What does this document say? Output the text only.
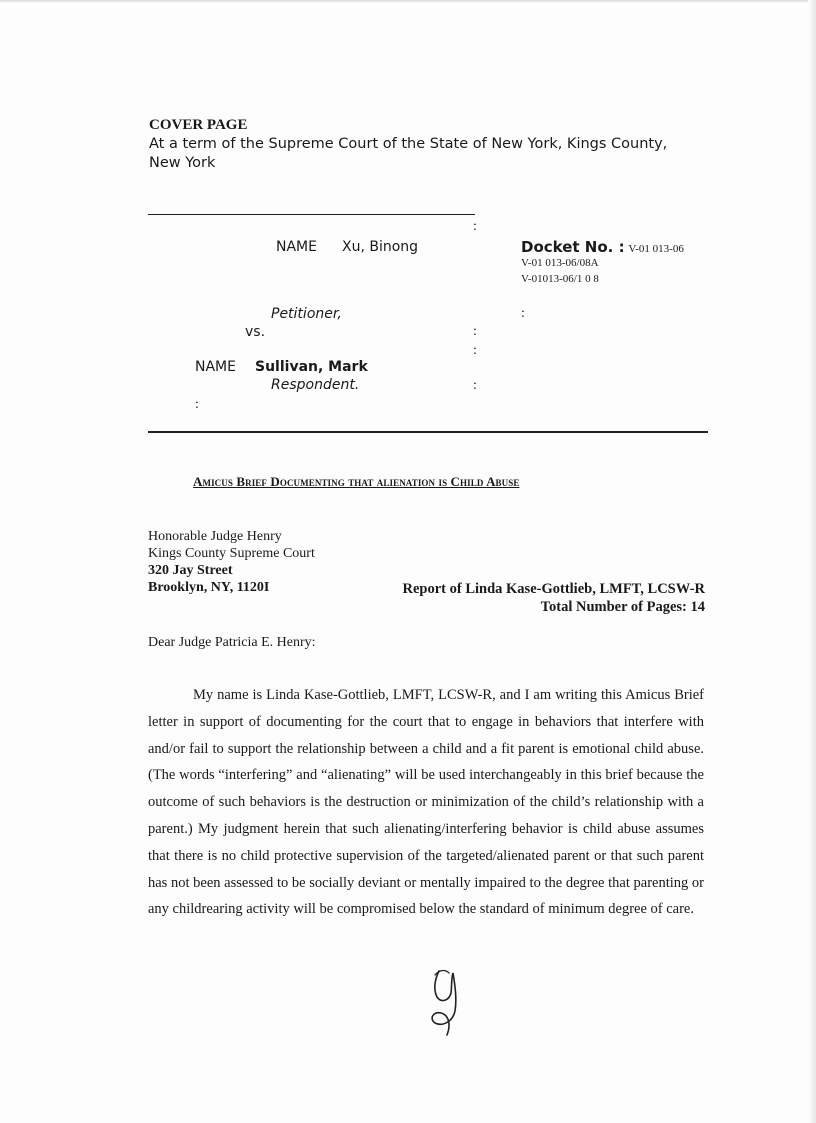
COVER PAGE
At a term of the Supreme Court of the State of New York, Kings County,
New York
:
:
:
:
:
:
NAME Xu, Binong
Petitioner,
vs.
NAME Sullivan, Mark
Respondent.
Docket No. : V-01 013-06
V-01 013-06/08A
V-01013-06/1 0 8
Amicus Brief Documenting that alienation is Child Abuse
Honorable Judge Henry
Kings County Supreme Court
320 Jay Street
Brooklyn, NY, 1120I	Report of Linda Kase-Gottlieb, LMFT, LCSW-R
Total Number of Pages: 14
Dear Judge Patricia E. Henry:

My name is Linda Kase-Gottlieb, LMFT, LCSW-R, and I am writing this Amicus Brief letter in support of documenting for the court that to engage in behaviors that interfere with and/or fail to support the relationship between a child and a fit parent is emotional child abuse. (The words “interfering” and “alienating” will be used interchangeably in this brief because the outcome of such behaviors is the destruction or minimization of the child’s relationship with a parent.) My judgment herein that such alienating/interfering behavior is child abuse assumes that there is no child protective supervision of the targeted/alienated parent or that such parent has not been assessed to be socially deviant or mentally impaired to the degree that parenting or any childrearing activity will be compromised below the standard of minimum degree of care.
